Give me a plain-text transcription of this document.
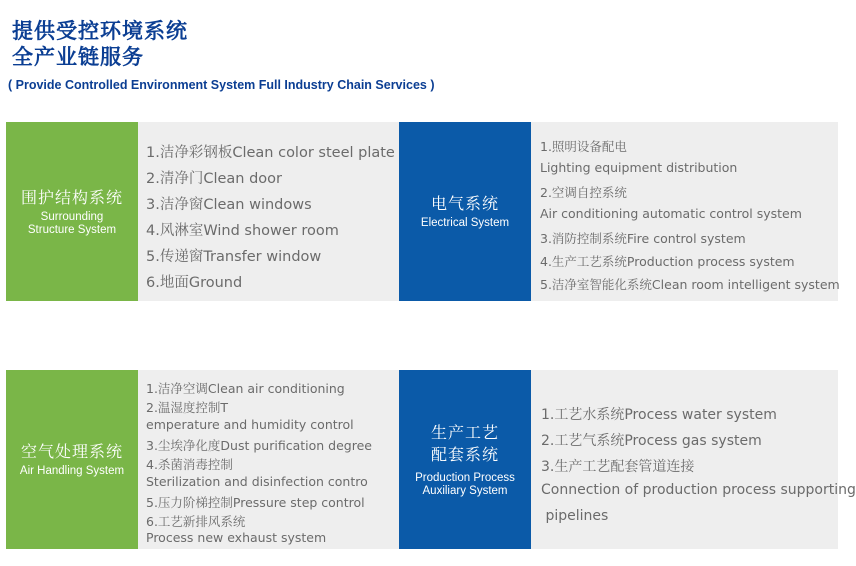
提供受控环境系统
全产业链服务
( Provide Controlled Environment System Full Industry Chain Services )
围护结构系统
Surrounding Structure System
1.洁净彩钢板Clean color steel plate
2.清净门Clean door
3.洁净窗Clean windows
4.风淋室Wind shower room
5.传递窗Transfer window
6.地面Ground
电气系统
Electrical System
1.照明设备配电
Lighting equipment distribution
2.空调自控系统
Air conditioning automatic control system
3.消防控制系统Fire control system
4.生产工艺系统Production process system
5.洁净室智能化系统Clean room intelligent system
空气处理系统
Air Handling System
1.洁净空调Clean air conditioning
2.温湿度控制T
emperature and humidity control
3.尘埃净化度Dust purification degree
4.杀菌消毒控制
Sterilization and disinfection contro
5.压力阶梯控制Pressure step control
6.工艺新排风系统
Process new exhaust system
生产工艺
配套系统
Production Process
Auxiliary System
1.工艺水系统Process water system
2.工艺气系统Process gas system
3.生产工艺配套管道连接
Connection of production process supporting
pipelines
